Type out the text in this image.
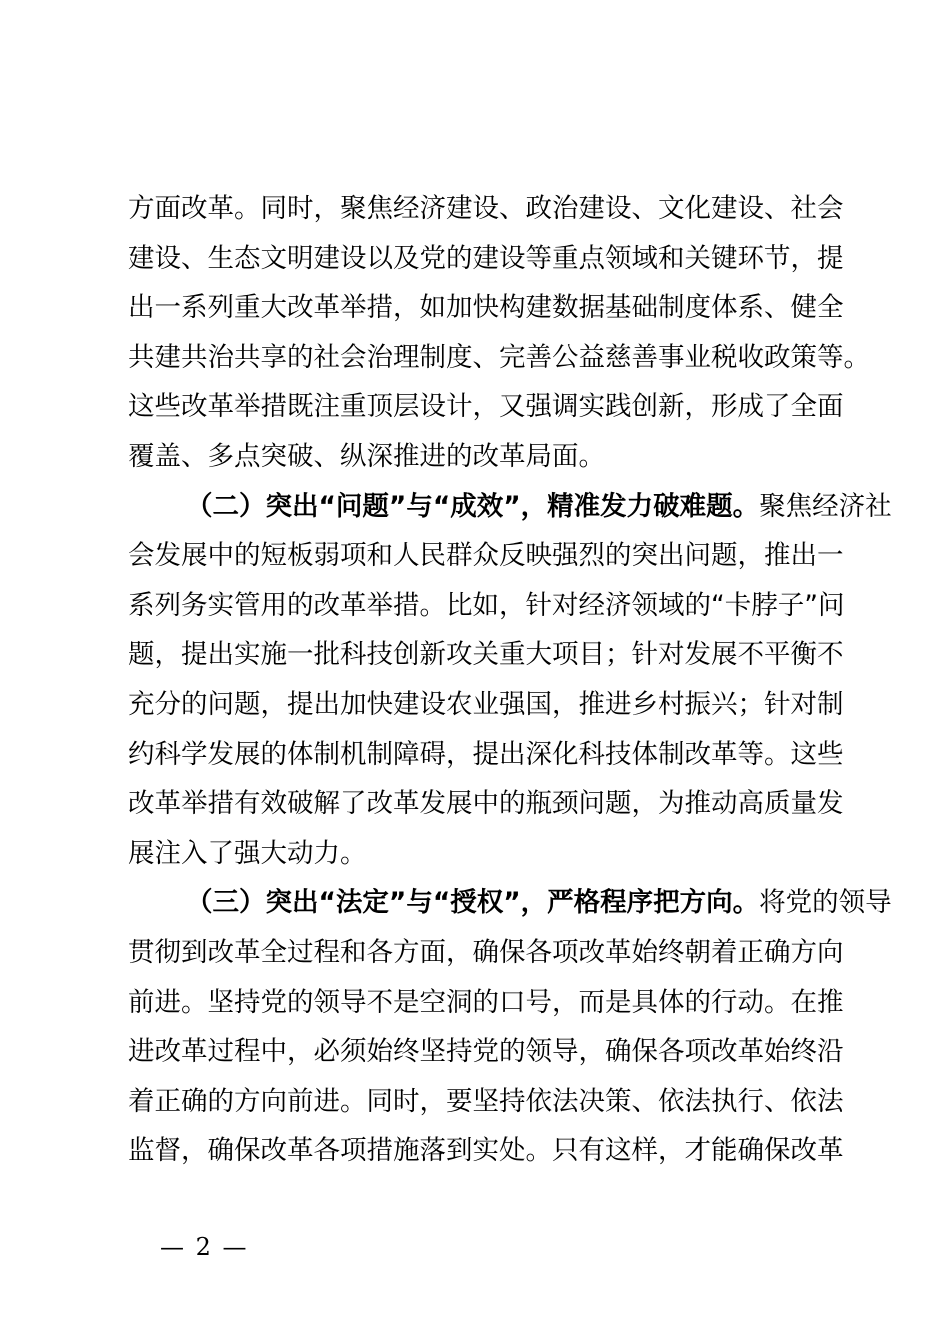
方面改革。同时，聚焦经济建设、政治建设、文化建设、社会
建设、生态文明建设以及党的建设等重点领域和关键环节，提
出一系列重大改革举措，如加快构建数据基础制度体系、健全
共建共治共享的社会治理制度、完善公益慈善事业税收政策等。
这些改革举措既注重顶层设计，又强调实践创新，形成了全面
覆盖、多点突破、纵深推进的改革局面。
（二）突出“问题”与“成效”，精准发力破难题。聚焦经济社
会发展中的短板弱项和人民群众反映强烈的突出问题，推出一
系列务实管用的改革举措。比如，针对经济领域的“卡脖子”问
题，提出实施一批科技创新攻关重大项目；针对发展不平衡不
充分的问题，提出加快建设农业强国，推进乡村振兴；针对制
约科学发展的体制机制障碍，提出深化科技体制改革等。这些
改革举措有效破解了改革发展中的瓶颈问题，为推动高质量发
展注入了强大动力。
（三）突出“法定”与“授权”，严格程序把方向。将党的领导
贯彻到改革全过程和各方面，确保各项改革始终朝着正确方向
前进。坚持党的领导不是空洞的口号，而是具体的行动。在推
进改革过程中，必须始终坚持党的领导，确保各项改革始终沿
着正确的方向前进。同时，要坚持依法决策、依法执行、依法
监督，确保改革各项措施落到实处。只有这样，才能确保改革
— 2 —
